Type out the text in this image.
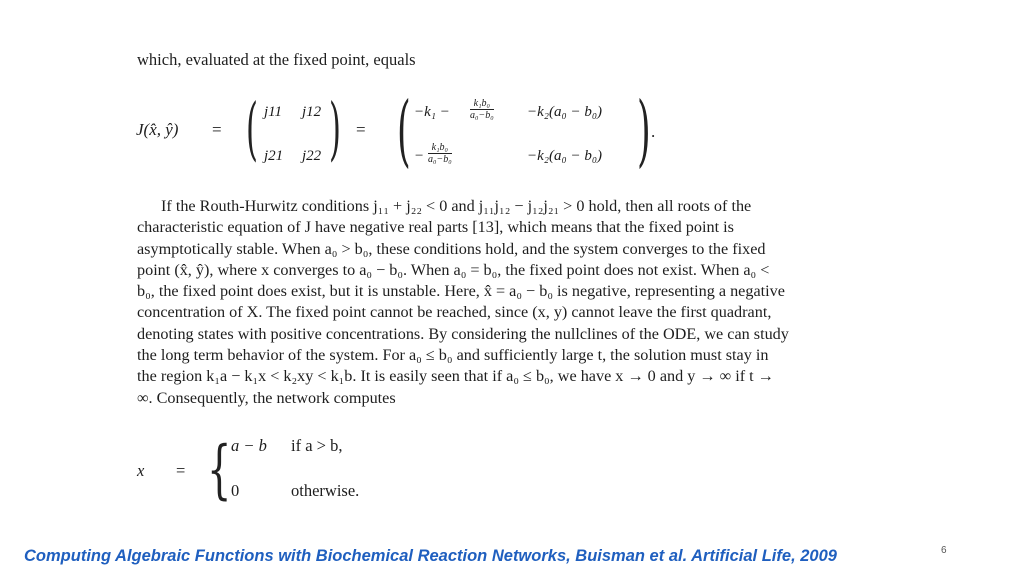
which, evaluated at the fixed point, equals
J(x̂, ŷ) = ( j11 j12
j21 j22 ) = ( $-k_1 - \frac{\text{k₁b₀}}{\text{a₀−b₀}} -k_2(a_0 - b_0)$
− $\frac{\text{k₁b₀}}{\text{a₀−b₀}}$	−k₂(a₀ − b₀) ) .
If the Routh-Hurwitz conditions j₁₁ + j₂₂ < 0 and j₁₁j₁₂ − j₁₂j₂₁ > 0 hold, then all roots of the
characteristic equation of J have negative real parts [13], which means that the fixed point is
asymptotically stable. When a₀ > b₀, these conditions hold, and the system converges to the fixed
point (x̂, ŷ), where x converges to a₀ − b₀. When a₀ = b₀, the fixed point does not exist. When a₀ <
b₀, the fixed point does exist, but it is unstable. Here, x̂ = a₀ − b₀ is negative, representing a negative
concentration of X. The fixed point cannot be reached, since (x, y) cannot leave the first quadrant,
denoting states with positive concentrations. By considering the nullclines of the ODE, we can study
the long term behavior of the system. For a₀ ≤ b₀ and sufficiently large t, the solution must stay in
the region k₁a − k₁x < k₂xy < k₁b. It is easily seen that if a₀ ≤ b₀, we have x → 0 and y → ∞ if t →
∞. Consequently, the network computes
x = { a − b if a > b,
0	otherwise.
Computing Algebraic Functions with Biochemical Reaction Networks, Buisman et al. Artificial Life, 2009	6
